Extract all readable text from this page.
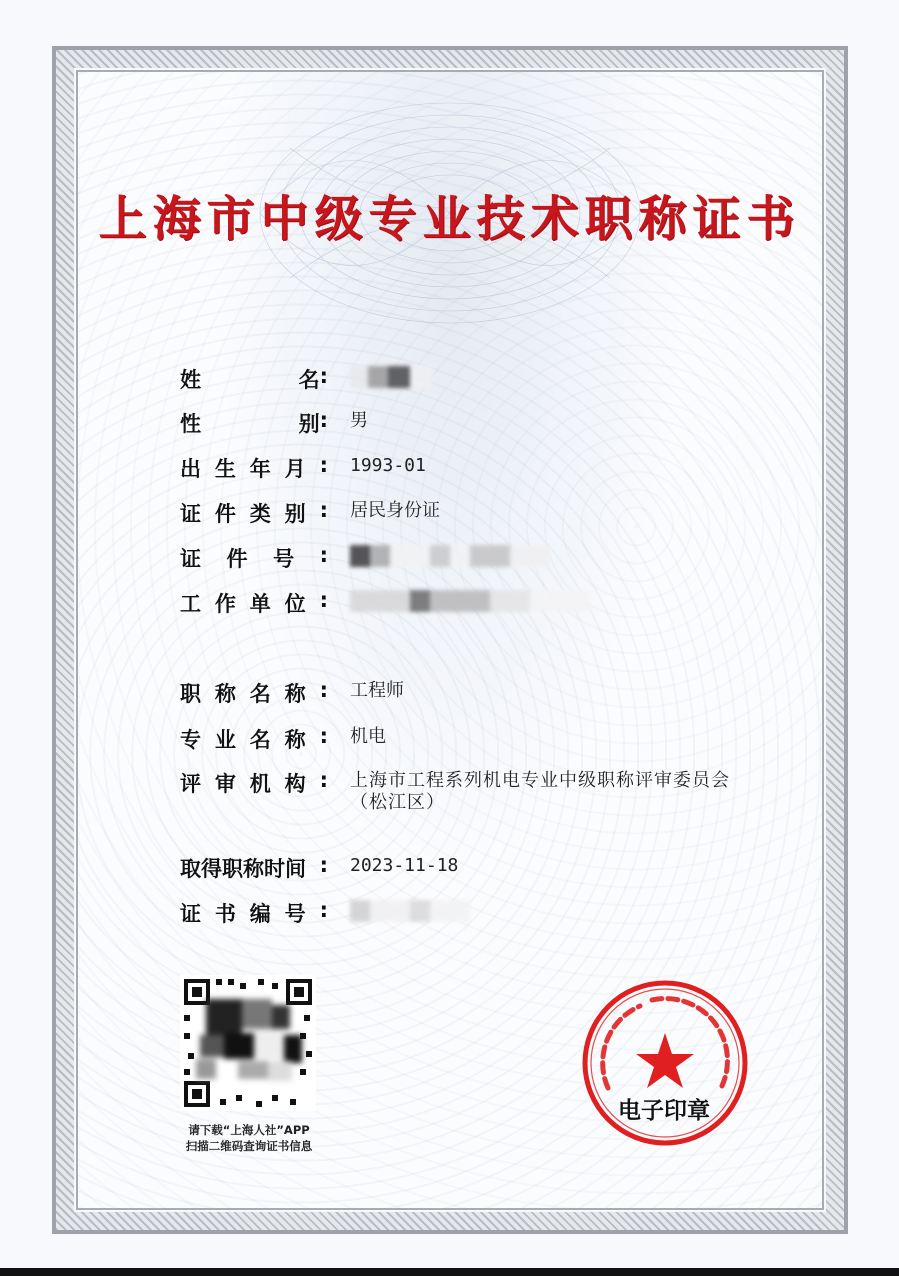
上海市中级专业技术职称证书
姓	名 :
性	别 : 男
出 生 年 月 : 1993-01
证 件 类 别 : 居民身份证
证 件 号 :
工 作 单 位 :
职 称 名 称 : 工程师
专 业 名 称 : 机电
评 审 机 构 : 上海市工程系列机电专业中级职称评审委员会（松江区）
取得职称时间 : 2023-11-18
证 书 编 号 :
请下载“上海人社”APP
扫描二维码查询证书信息
电子印章
